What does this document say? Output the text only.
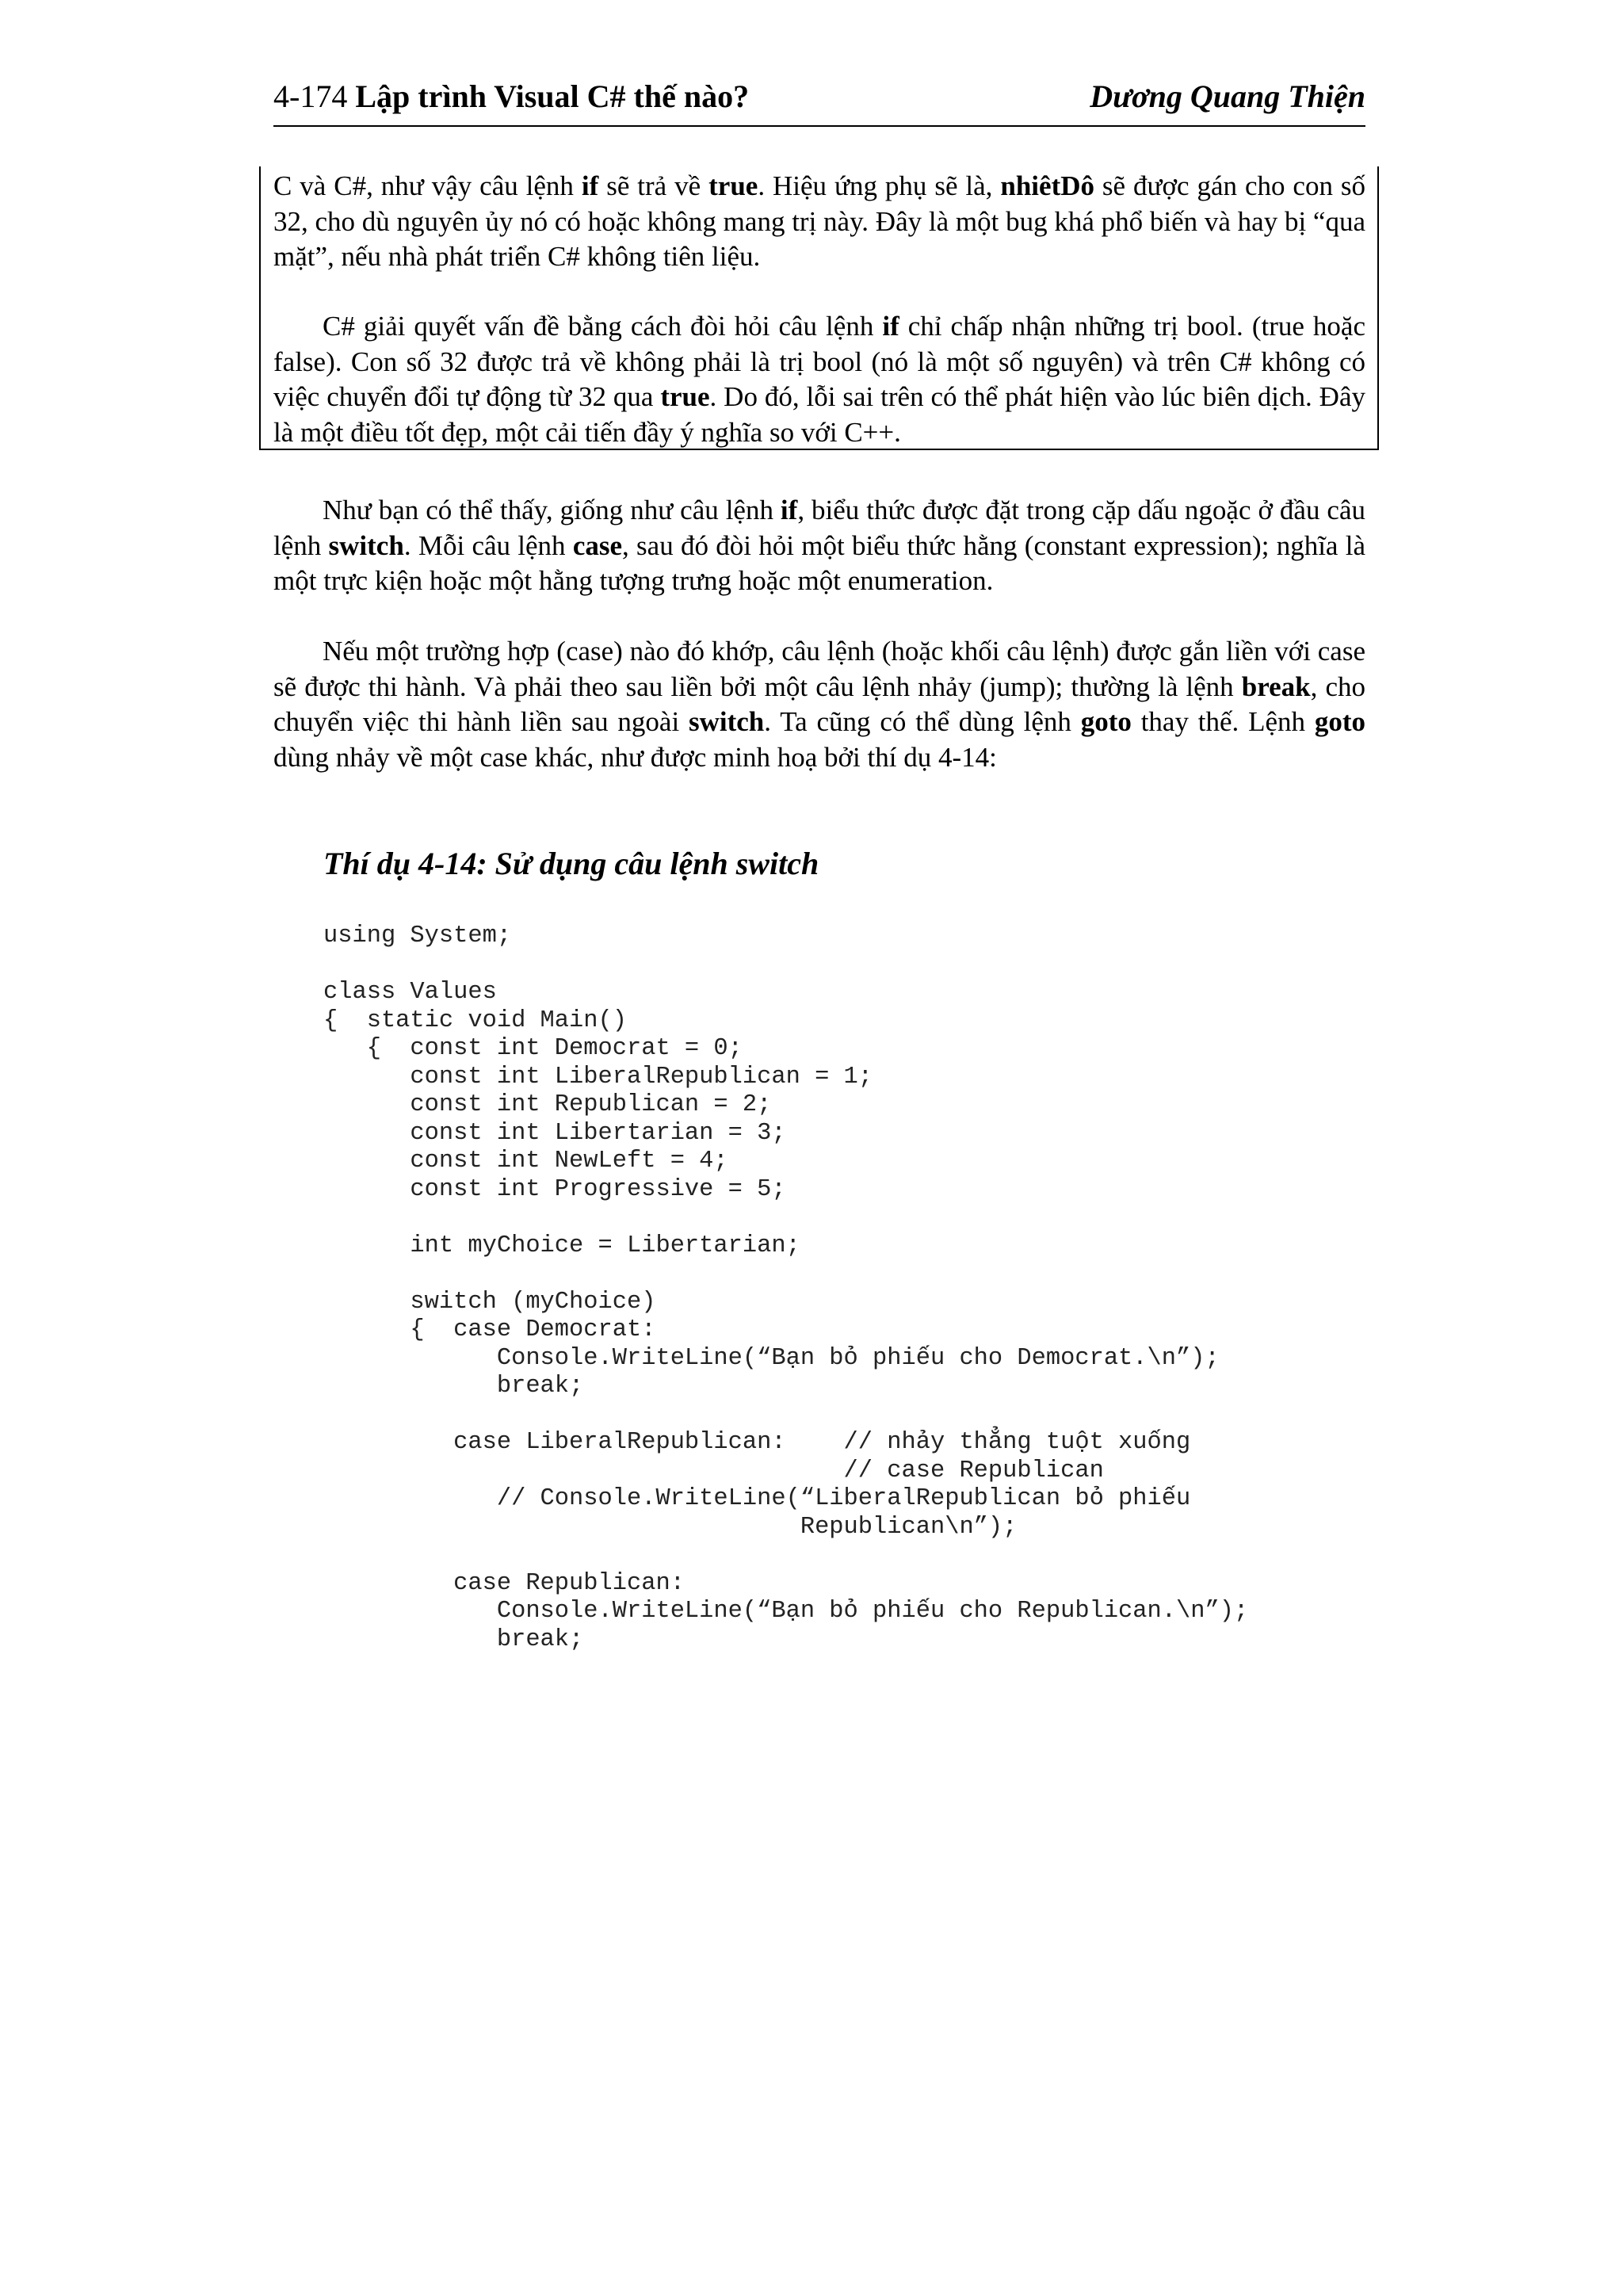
4-174 Lập trình Visual C# thế nào?	Dương Quang Thiện

C và C#, như vậy câu lệnh if sẽ trả về true. Hiệu ứng phụ sẽ là, nhiêtDô sẽ được gán cho con số 32, cho dù nguyên ủy nó có hoặc không mang trị này. Đây là một bug khá phổ biến và hay bị “qua mặt”, nếu nhà phát triển C# không tiên liệu.

C# giải quyết vấn đề bằng cách đòi hỏi câu lệnh if chỉ chấp nhận những trị bool. (true hoặc false). Con số 32 được trả về không phải là trị bool (nó là một số nguyên) và trên C# không có việc chuyển đổi tự động từ 32 qua true. Do đó, lỗi sai trên có thể phát hiện vào lúc biên dịch. Đây là một điều tốt đẹp, một cải tiến đầy ý nghĩa so với C++.

Như bạn có thể thấy, giống như câu lệnh if, biểu thức được đặt trong cặp dấu ngoặc ở đầu câu lệnh switch. Mỗi câu lệnh case, sau đó đòi hỏi một biểu thức hằng (constant expression); nghĩa là một trực kiện hoặc một hằng tượng trưng hoặc một enumeration.

Nếu một trường hợp (case) nào đó khớp, câu lệnh (hoặc khối câu lệnh) được gắn liền với case sẽ được thi hành. Và phải theo sau liền bởi một câu lệnh nhảy (jump); thường là lệnh break, cho chuyển việc thi hành liền sau ngoài switch. Ta cũng có thể dùng lệnh goto thay thế. Lệnh goto dùng nhảy về một case khác, như được minh hoạ bởi thí dụ 4-14:

Thí dụ 4-14: Sử dụng câu lệnh switch
using System;

class Values
{  static void Main()
{  const int Democrat = 0;
const int LiberalRepublican = 1;
const int Republican = 2;
const int Libertarian = 3;
const int NewLeft = 4;
const int Progressive = 5;

int myChoice = Libertarian;

switch (myChoice)
{  case Democrat:
Console.WriteLine(“Bạn bỏ phiếu cho Democrat.\n”);
break;

case LiberalRepublican:    // nhảy thẳng tuột xuống
// case Republican
// Console.WriteLine(“LiberalRepublican bỏ phiếu
Republican\n”);

case Republican:
Console.WriteLine(“Bạn bỏ phiếu cho Republican.\n”);
break;
